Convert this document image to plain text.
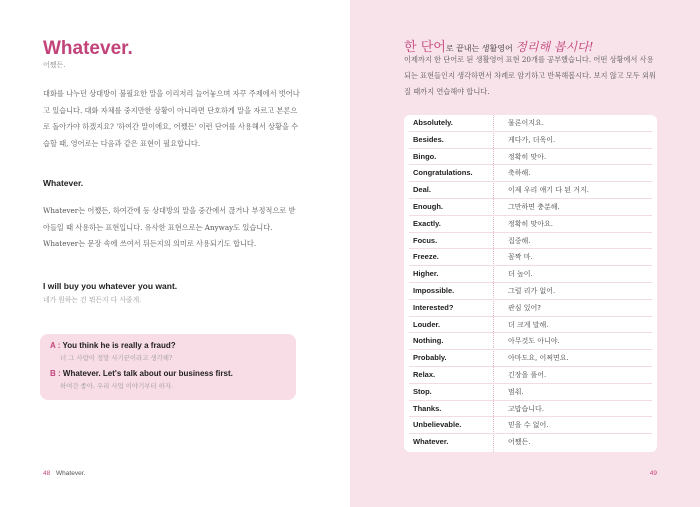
Whatever.
어쨌든.
대화를 나누던 상대방이 불필요한 말을 이리저리 늘어놓으며 자꾸 주제에서 벗어나고 있습니다. 대화 자체를 중지만한 상황이 아니라면 단호하게 말을 자르고 본론으로 돌아가야 하겠지요? '하여간 말이에요, 어쨌든' 이런 단어를 사용해서 상황을 수습할 때, 영어로는 다음과 같은 표현이 필요합니다.
Whatever.
Whatever는 어쨌든, 하여간에 등 상대방의 말을 중간에서 끊거나 부정적으로 받아들일 때 사용하는 표현입니다. 유사한 표현으로는 Anyway도 있습니다. Whatever는 문장 속에 쓰여서 뒤든지의 의미로 사용되기도 합니다.
I will buy you whatever you want.
네가 원하는 건 뭐든지 다 사줄게.
A : You think he is really a fraud?
너 그 사람이 정말 사기꾼이라고 생각해?
B : Whatever. Let's talk about our business first.
하여간 좋아. 우리 사업 이야기부터 하자.
48 Whatever.
한 단어로 끝내는 생활영어 정리해 봅시다!
이제까지 한 단어로 된 생활영어 표현 20개를 공부했습니다. 어떤 상황에서 사용되는 표현들인지 생각하면서 차례로 암기하고 반복해봅시다. 보지 않고 모두 외워질 때까지 연습해야 합니다.
Absolutely.	물론이지요.
Besides.	게다가, 더욱이.
Bingo.	정확히 맞아.
Congratulations.	축하해.
Deal.	이제 우리 얘기 다 된 거지.
Enough.	그만하면 충분해.
Exactly.	정확히 맞아요.
Focus.	집중해.
Freeze.	꼼짝 마.
Higher.	더 높이.
Impossible.	그럴 리가 없어.
Interested?	관심 있어?
Louder.	더 크게 말해.
Nothing.	아무것도 아니야.
Probably.	아마도요, 어쩌면요.
Relax.	긴장을 풀어.
Stop.	멈춰.
Thanks.	고맙습니다.
Unbelievable.	믿을 수 없어.
Whatever.	어쨌든.
49
